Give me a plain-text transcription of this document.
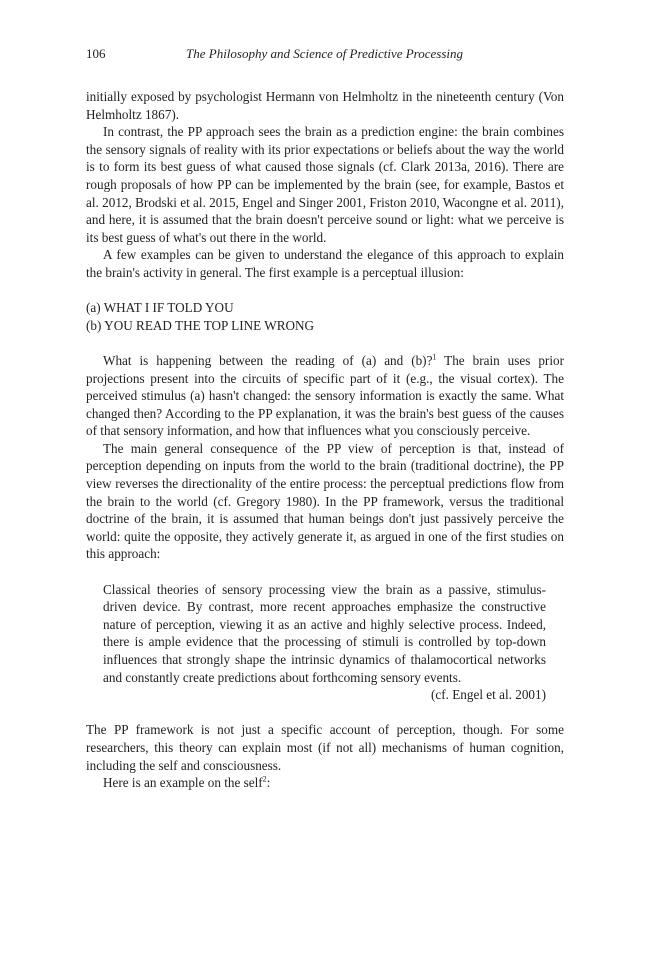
106	The Philosophy and Science of Predictive Processing

initially exposed by psychologist Hermann von Helmholtz in the nineteenth century (Von Helmholtz 1867).

In contrast, the PP approach sees the brain as a prediction engine: the brain combines the sensory signals of reality with its prior expectations or beliefs about the way the world is to form its best guess of what caused those signals (cf. Clark 2013a, 2016). There are rough proposals of how PP can be implemented by the brain (see, for example, Bastos et al. 2012, Brodski et al. 2015, Engel and Singer 2001, Friston 2010, Wacongne et al. 2011), and here, it is assumed that the brain doesn't perceive sound or light: what we perceive is its best guess of what's out there in the world.

A few examples can be given to understand the elegance of this approach to explain the brain's activity in general. The first example is a perceptual illusion:

(a) WHAT I IF TOLD YOU
(b) YOU READ THE TOP LINE WRONG

What is happening between the reading of (a) and (b)?$^1$ The brain uses prior projections present into the circuits of specific part of it (e.g., the visual cortex). The perceived stimulus (a) hasn't changed: the sensory information is exactly the same. What changed then? According to the PP explanation, it was the brain's best guess of the causes of that sensory information, and how that influences what you consciously perceive.

The main general consequence of the PP view of perception is that, instead of perception depending on inputs from the world to the brain (traditional doctrine), the PP view reverses the directionality of the entire process: the perceptual predictions flow from the brain to the world (cf. Gregory 1980). In the PP framework, versus the traditional doctrine of the brain, it is assumed that human beings don't just passively perceive the world: quite the opposite, they actively generate it, as argued in one of the first studies on this approach:

Classical theories of sensory processing view the brain as a passive, stimulus-driven device. By contrast, more recent approaches emphasize the constructive nature of perception, viewing it as an active and highly selective process. Indeed, there is ample evidence that the processing of stimuli is controlled by top-down influences that strongly shape the intrinsic dynamics of thalamocortical networks and constantly create predictions about forthcoming sensory events.

(cf. Engel et al. 2001)

The PP framework is not just a specific account of perception, though. For some researchers, this theory can explain most (if not all) mechanisms of human cognition, including the self and consciousness.

Here is an example on the self$^2$:
